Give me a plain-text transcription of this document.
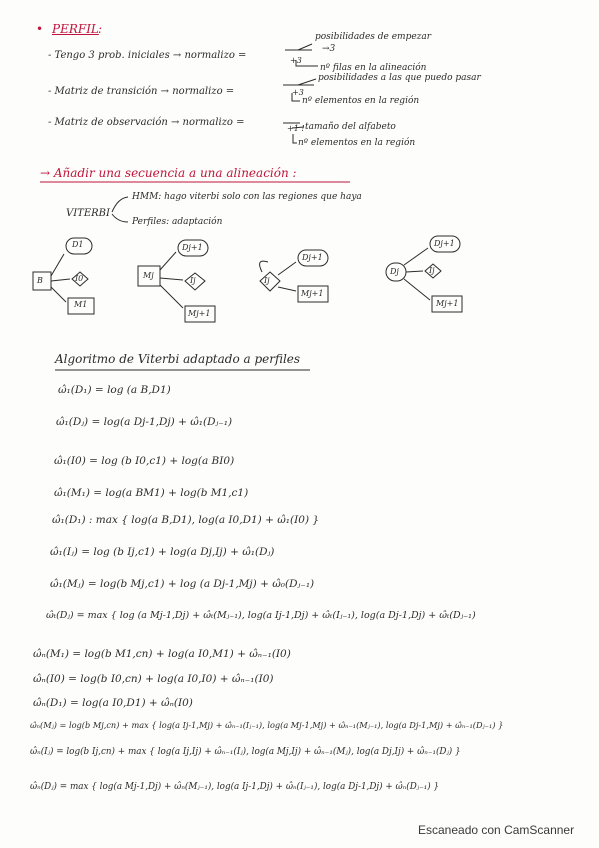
• PERFIL :
- Tengo 3 prob. iniciales → normalizo =
posibilidades de empezar
→3
+3
nº filas en la alineación
- Matriz de transición → normalizo =
posibilidades a las que puedo pasar
+3
nº elementos en la región
- Matriz de observación → normalizo =	tamaño del alfabeto
+1 !
nº elementos en la región
→ Añadir una secuencia a una alineación :
VITERBI
HMM: hago viterbi solo con las regiones que haya
Perfiles: adaptación
B
D1
I0
M1
Mj
Dj+1
Ij
Mj+1
Ij
Dj+1
Mj+1
Dj
Dj+1
Ij
Mj+1
Algoritmo de Viterbi adaptado a perfiles
ω̂₁(D₁) = log (a B,D1)
ω̂₁(Dⱼ) = log(a Dj-1,Dj) + ω̂₁(Dⱼ₋₁)
ω̂₁(I0) = log (b I0,c1) + log(a BI0)
ω̂₁(M₁) = log(a BM1) + log(b M1,c1)
ω̂₁(D₁) : max { log(a B,D1), log(a I0,D1) + ω̂₁(I0) }
ω̂₁(Iⱼ) = log (b Ij,c1) + log(a Dj,Ij) + ω̂₁(Dⱼ)
ω̂₁(Mⱼ) = log(b Mj,c1) + log (a Dj-1,Mj) + ω̂₀(Dⱼ₋₁)
ω̂ₜ(Dⱼ) = max { log (a Mj-1,Dj) + ω̂ₜ(Mⱼ₋₁), log(a Ij-1,Dj) + ω̂ₜ(Iⱼ₋₁), log(a Dj-1,Dj) + ω̂ₜ(Dⱼ₋₁)
ω̂ₙ(M₁) = log(b M1,cn) + log(a I0,M1) + ω̂ₙ₋₁(I0)
ω̂ₙ(I0) = log(b I0,cn) + log(a I0,I0) + ω̂ₙ₋₁(I0)
ω̂ₙ(D₁) = log(a I0,D1) + ω̂ₙ(I0)
ω̂ₙ(Mⱼ) = log(b Mj,cn) + max { log(a Ij-1,Mj) + ω̂ₙ₋₁(Iⱼ₋₁), log(a Mj-1,Mj) + ω̂ₙ₋₁(Mⱼ₋₁), log(a Dj-1,Mj) + ω̂ₙ₋₁(Dⱼ₋₁) }
ω̂ₙ(Iⱼ) = log(b Ij,cn) + max { log(a Ij,Ij) + ω̂ₙ₋₁(Iⱼ), log(a Mj,Ij) + ω̂ₙ₋₁(Mⱼ), log(a Dj,Ij) + ω̂ₙ₋₁(Dⱼ) }
ω̂ₙ(Dⱼ) = max { log(a Mj-1,Dj) + ω̂ₙ(Mⱼ₋₁), log(a Ij-1,Dj) + ω̂ₙ(Iⱼ₋₁), log(a Dj-1,Dj) + ω̂ₙ(Dⱼ₋₁) }
Escaneado con CamScanner
